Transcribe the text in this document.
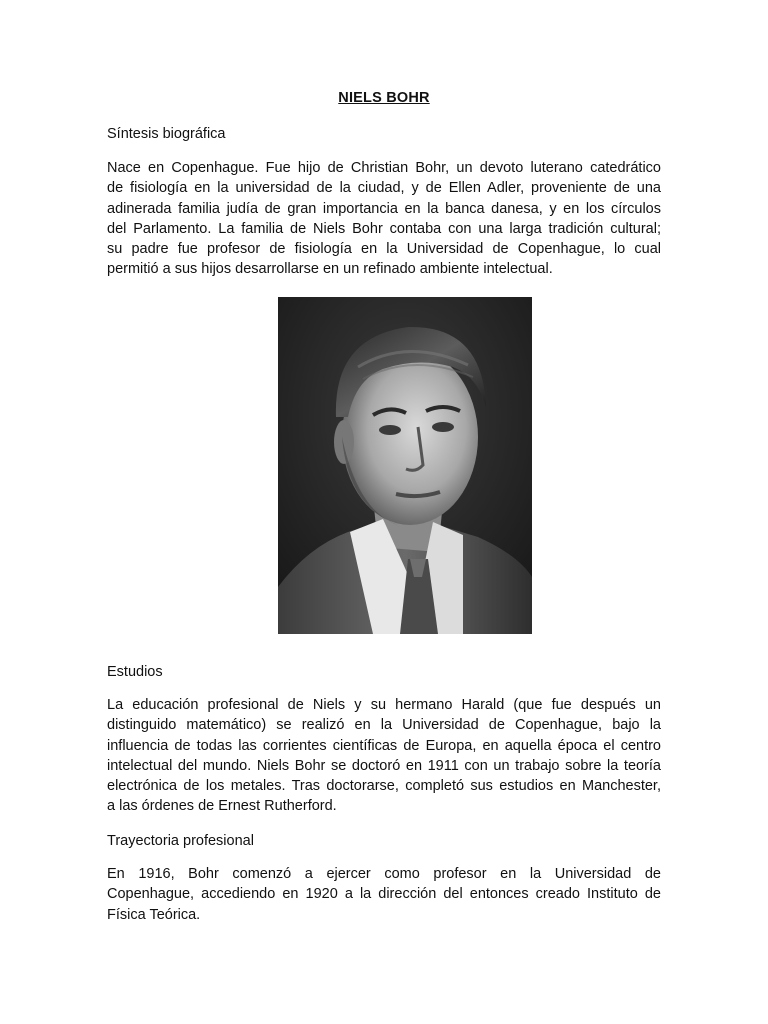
NIELS BOHR
Síntesis biográfica
Nace en Copenhague. Fue hijo de Christian Bohr, un devoto luterano catedrático
de fisiología en la universidad de la ciudad, y de Ellen Adler, proveniente de una
adinerada familia judía de gran importancia en la banca danesa, y en los círculos
del Parlamento. La familia de Niels Bohr contaba con una larga tradición cultural;
su padre fue profesor de fisiología en la Universidad de Copenhague, lo cual
permitió a sus hijos desarrollarse en un refinado ambiente intelectual.
Estudios
La educación profesional de Niels y su hermano Harald (que fue después un
distinguido matemático) se realizó en la Universidad de Copenhague, bajo la
influencia de todas las corrientes científicas de Europa, en aquella época el centro
intelectual del mundo. Niels Bohr se doctoró en 1911 con un trabajo sobre la teoría
electrónica de los metales. Tras doctorarse, completó sus estudios en Manchester,
a las órdenes de Ernest Rutherford.
Trayectoria profesional
En 1916, Bohr comenzó a ejercer como profesor en la Universidad de
Copenhague, accediendo en 1920 a la dirección del entonces creado Instituto de
Física Teórica.
